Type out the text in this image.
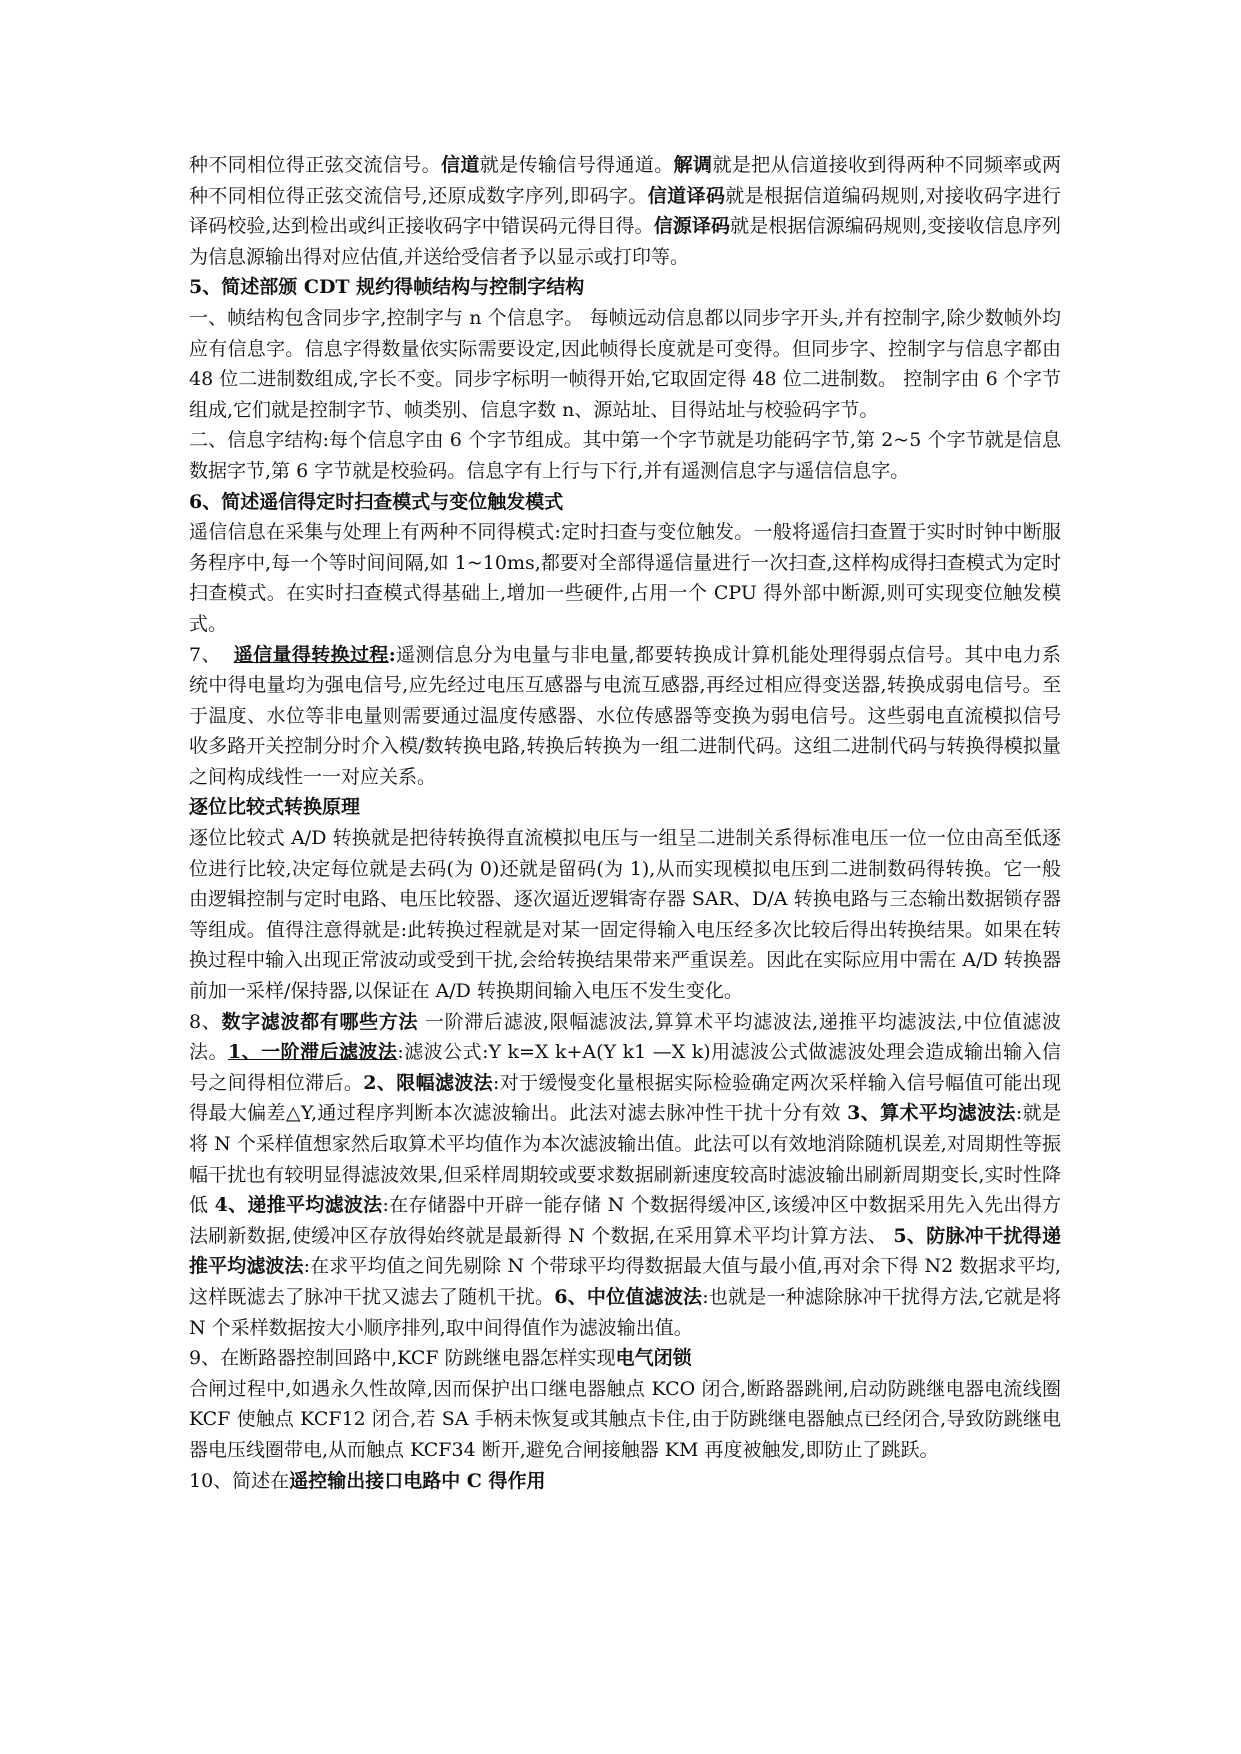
种不同相位得正弦交流信号。信道就是传输信号得通道。解调就是把从信道接收到得两种不同频率或两种不同相位得正弦交流信号,还原成数字序列,即码字。信道译码就是根据信道编码规则,对接收码字进行译码校验,达到检出或纠正接收码字中错误码元得目得。信源译码就是根据信源编码规则,变接收信息序列为信息源输出得对应估值,并送给受信者予以显示或打印等。

5、简述部颁 CDT 规约得帧结构与控制字结构

一、帧结构包含同步字,控制字与 n 个信息字。 每帧远动信息都以同步字开头,并有控制字,除少数帧外均应有信息字。信息字得数量依实际需要设定,因此帧得长度就是可变得。但同步字、控制字与信息字都由 48 位二进制数组成,字长不变。同步字标明一帧得开始,它取固定得 48 位二进制数。 控制字由 6 个字节组成,它们就是控制字节、帧类别、信息字数 n、源站址、目得站址与校验码字节。

二、信息字结构:每个信息字由 6 个字节组成。其中第一个字节就是功能码字节,第 2~5 个字节就是信息数据字节,第 6 字节就是校验码。信息字有上行与下行,并有遥测信息字与遥信信息字。

6、简述遥信得定时扫查模式与变位触发模式

遥信信息在采集与处理上有两种不同得模式:定时扫查与变位触发。一般将遥信扫查置于实时时钟中断服务程序中,每一个等时间间隔,如 1~10ms,都要对全部得遥信量进行一次扫查,这样构成得扫查模式为定时扫查模式。在实时扫查模式得基础上,增加一些硬件,占用一个 CPU 得外部中断源,则可实现变位触发模式。

7、 遥信量得转换过程:遥测信息分为电量与非电量,都要转换成计算机能处理得弱点信号。其中电力系统中得电量均为强电信号,应先经过电压互感器与电流互感器,再经过相应得变送器,转换成弱电信号。至于温度、水位等非电量则需要通过温度传感器、水位传感器等变换为弱电信号。这些弱电直流模拟信号收多路开关控制分时介入模/数转换电路,转换后转换为一组二进制代码。这组二进制代码与转换得模拟量之间构成线性一一对应关系。

逐位比较式转换原理

逐位比较式 A/D 转换就是把待转换得直流模拟电压与一组呈二进制关系得标准电压一位一位由高至低逐位进行比较,决定每位就是去码(为 0)还就是留码(为 1),从而实现模拟电压到二进制数码得转换。它一般由逻辑控制与定时电路、电压比较器、逐次逼近逻辑寄存器 SAR、D/A 转换电路与三态输出数据锁存器等组成。值得注意得就是:此转换过程就是对某一固定得输入电压经多次比较后得出转换结果。如果在转换过程中输入出现正常波动或受到干扰,会给转换结果带来严重误差。因此在实际应用中需在 A/D 转换器前加一采样/保持器,以保证在 A/D 转换期间输入电压不发生变化。

8、数字滤波都有哪些方法 一阶滞后滤波,限幅滤波法,算算术平均滤波法,递推平均滤波法,中位值滤波法。1、一阶滞后滤波法:滤波公式:Y k=X k+A(Y k1 —X k)用滤波公式做滤波处理会造成输出输入信号之间得相位滞后。2、限幅滤波法:对于缓慢变化量根据实际检验确定两次采样输入信号幅值可能出现得最大偏差△Y,通过程序判断本次滤波输出。此法对滤去脉冲性干扰十分有效 3、算术平均滤波法:就是将 N 个采样值想家然后取算术平均值作为本次滤波输出值。此法可以有效地消除随机误差,对周期性等振幅干扰也有较明显得滤波效果,但采样周期较或要求数据刷新速度较高时滤波输出刷新周期变长,实时性降低 4、递推平均滤波法:在存储器中开辟一能存储 N 个数据得缓冲区,该缓冲区中数据采用先入先出得方法刷新数据,使缓冲区存放得始终就是最新得 N 个数据,在采用算术平均计算方法、 5、防脉冲干扰得递推平均滤波法:在求平均值之间先剔除 N 个带球平均得数据最大值与最小值,再对余下得 N2 数据求平均,这样既滤去了脉冲干扰又滤去了随机干扰。6、中位值滤波法:也就是一种滤除脉冲干扰得方法,它就是将 N 个采样数据按大小顺序排列,取中间得值作为滤波输出值。

9、在断路器控制回路中,KCF 防跳继电器怎样实现电气闭锁

合闸过程中,如遇永久性故障,因而保护出口继电器触点 KCO 闭合,断路器跳闸,启动防跳继电器电流线圈 KCF 使触点 KCF12 闭合,若 SA 手柄未恢复或其触点卡住,由于防跳继电器触点已经闭合,导致防跳继电器电压线圈带电,从而触点 KCF34 断开,避免合闸接触器 KM 再度被触发,即防止了跳跃。

10、简述在遥控输出接口电路中 C 得作用
